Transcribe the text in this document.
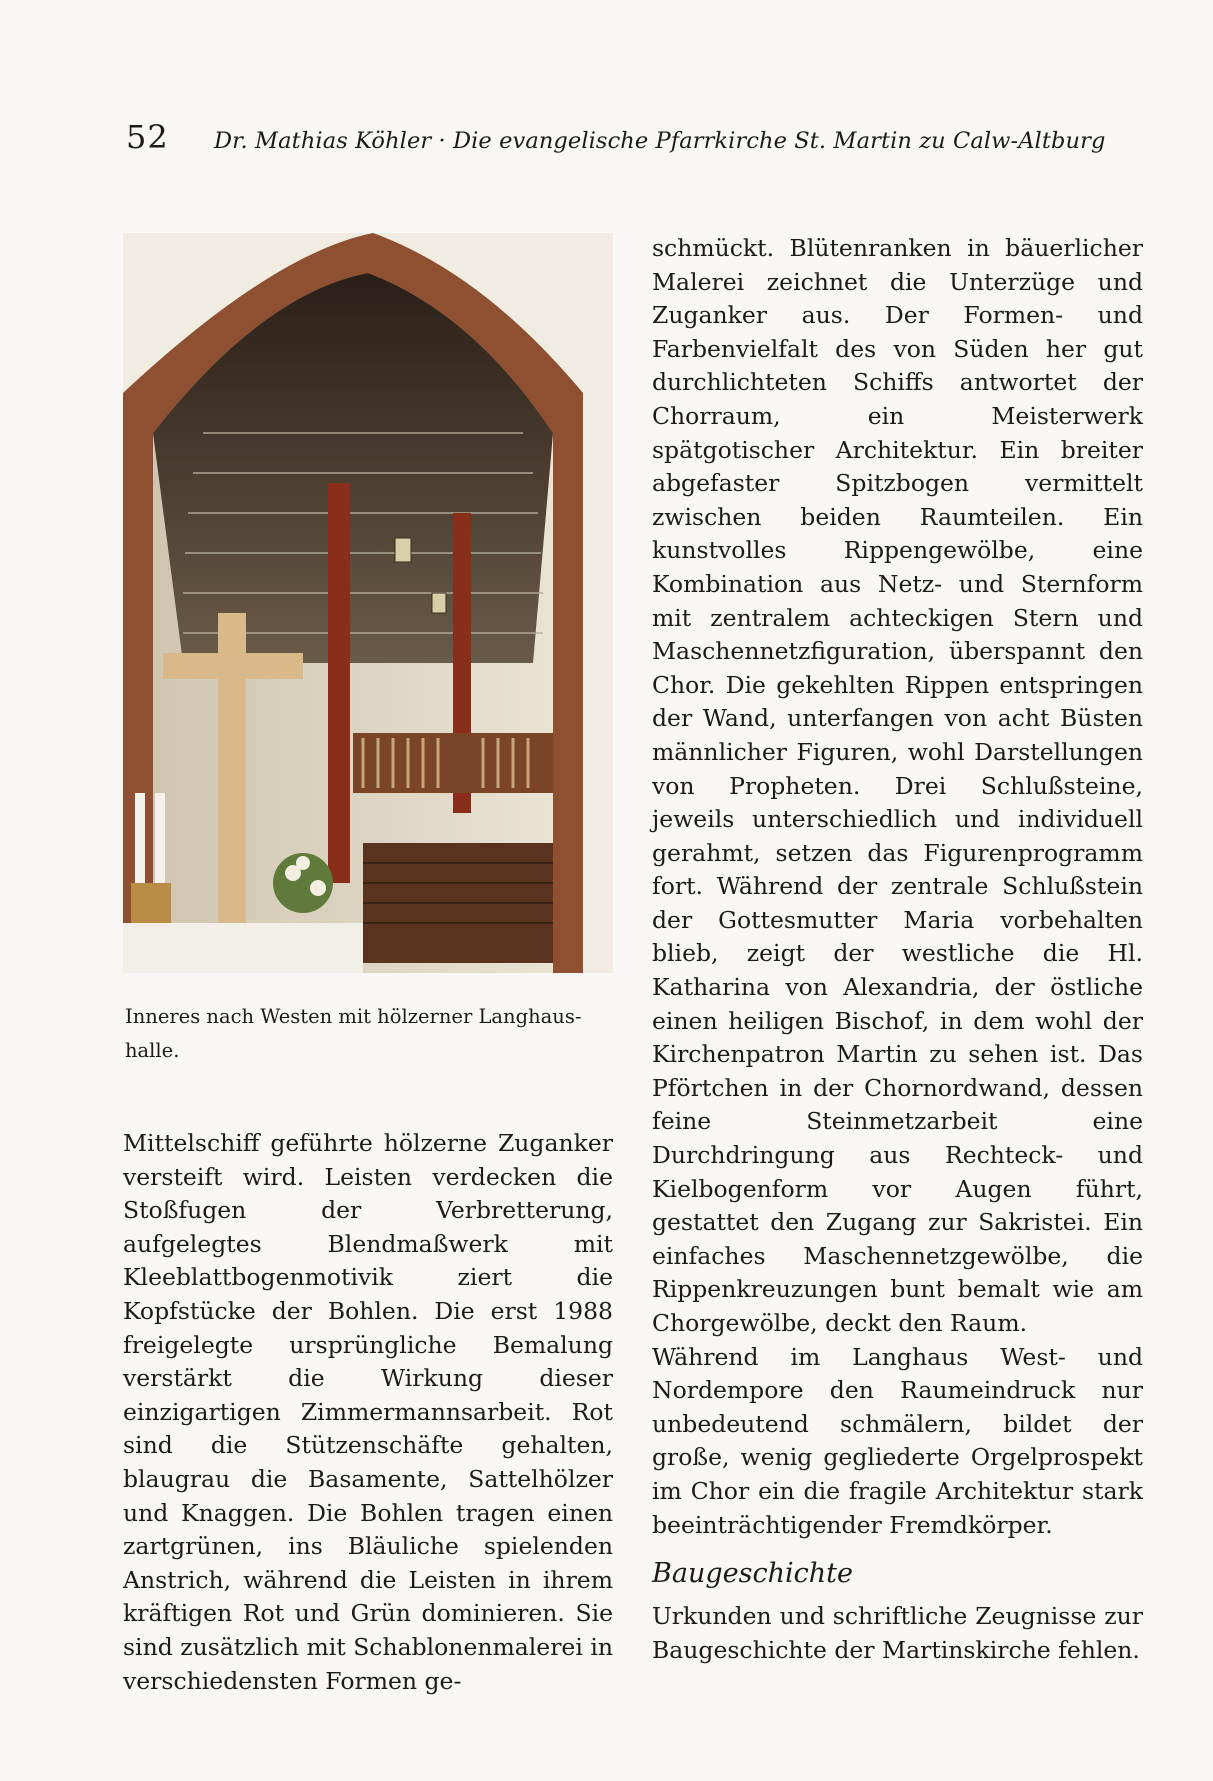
52 Dr. Mathias Köhler · Die evangelische Pfarrkirche St. Martin zu Calw-Altburg
Inneres nach Westen mit hölzerner Langhaus-halle.

Mittelschiff geführte hölzerne Zuganker versteift wird. Leisten verdecken die Stoßfugen der Verbretterung, aufgelegtes Blendmaßwerk mit Kleeblattbogenmotivik ziert die Kopfstücke der Bohlen. Die erst 1988 freigelegte ursprüngliche Bemalung verstärkt die Wirkung dieser einzigartigen Zimmermannsarbeit. Rot sind die Stützenschäfte gehalten, blaugrau die Basamente, Sattelhölzer und Knaggen. Die Bohlen tragen einen zartgrünen, ins Bläuliche spielenden Anstrich, während die Leisten in ihrem kräftigen Rot und Grün dominieren. Sie sind zusätzlich mit Schablonenmalerei in verschiedensten Formen ge-

schmückt. Blütenranken in bäuerlicher Malerei zeichnet die Unterzüge und Zuganker aus. Der Formen- und Farbenvielfalt des von Süden her gut durchlichteten Schiffs antwortet der Chorraum, ein Meisterwerk spätgotischer Architektur. Ein breiter abgefaster Spitzbogen vermittelt zwischen beiden Raumteilen. Ein kunstvolles Rippengewölbe, eine Kombination aus Netz- und Sternform mit zentralem achteckigen Stern und Maschennetzfiguration, überspannt den Chor. Die gekehlten Rippen entspringen der Wand, unterfangen von acht Büsten männlicher Figuren, wohl Darstellungen von Propheten. Drei Schlußsteine, jeweils unterschiedlich und individuell gerahmt, setzen das Figurenprogramm fort. Während der zentrale Schlußstein der Gottesmutter Maria vorbehalten blieb, zeigt der westliche die Hl. Katharina von Alexandria, der östliche einen heiligen Bischof, in dem wohl der Kirchenpatron Martin zu sehen ist. Das Pförtchen in der Chornordwand, dessen feine Steinmetzarbeit eine Durchdringung aus Rechteck- und Kielbogenform vor Augen führt, gestattet den Zugang zur Sakristei. Ein einfaches Maschennetzgewölbe, die Rippenkreuzungen bunt bemalt wie am Chorgewölbe, deckt den Raum.

Während im Langhaus West- und Nordempore den Raumeindruck nur unbedeutend schmälern, bildet der große, wenig gegliederte Orgelprospekt im Chor ein die fragile Architektur stark beeinträchtigender Fremdkörper.

Baugeschichte

Urkunden und schriftliche Zeugnisse zur Baugeschichte der Martinskirche fehlen.
